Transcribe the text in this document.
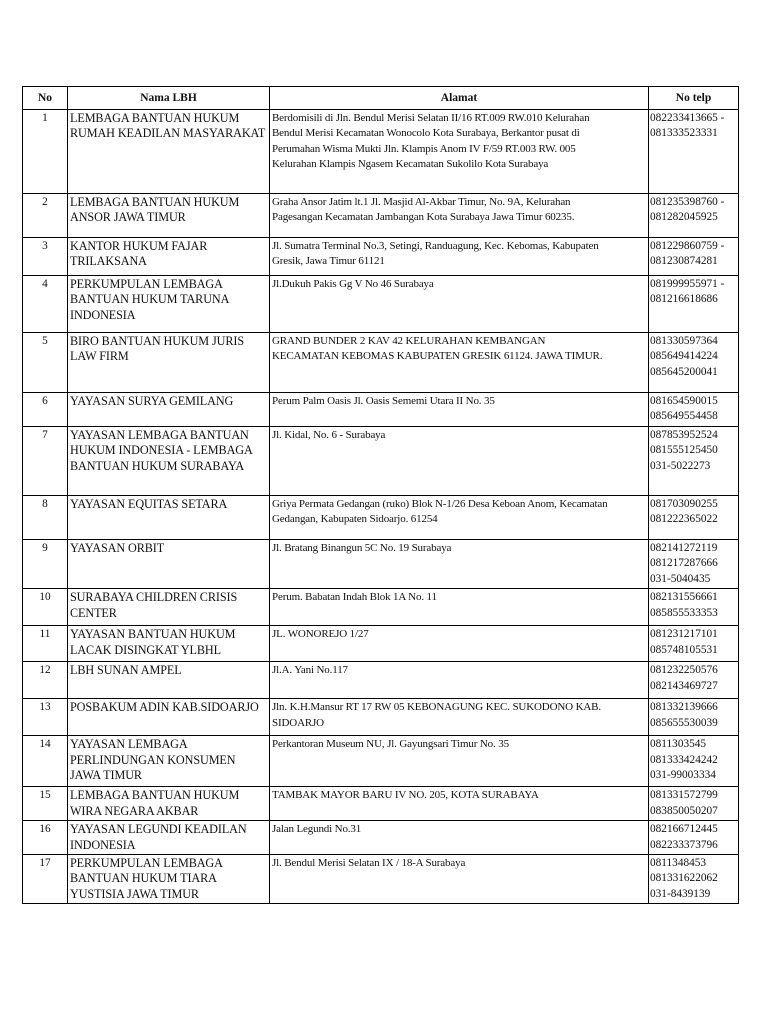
No	Nama LBH	Alamat	No telp
1	LEMBAGA BANTUAN HUKUM
RUMAH KEADILAN MASYARAKAT	Berdomisili di Jln. Bendul Merisi Selatan II/16 RT.009 RW.010 Kelurahan
Bendul Merisi Kecamatan Wonocolo Kota Surabaya, Berkantor pusat di
Perumahan Wisma Mukti Jln. Klampis Anom IV F/59 RT.003 RW. 005
Kelurahan Klampis Ngasem Kecamatan Sukolilo Kota Surabaya	082233413665 -
081333523331

2	LEMBAGA BANTUAN HUKUM
ANSOR JAWA TIMUR	Graha Ansor Jatim lt.1 Jl. Masjid Al-Akbar Timur, No. 9A, Kelurahan
Pagesangan Kecamatan Jambangan Kota Surabaya Jawa Timur 60235.	081235398760 -
081282045925

3	KANTOR HUKUM FAJAR
TRILAKSANA	Jl. Sumatra Terminal No.3, Setingi, Randuagung, Kec. Kebomas, Kabupaten
Gresik, Jawa Timur 61121	081229860759 -
081230874281

4	PERKUMPULAN LEMBAGA
BANTUAN HUKUM TARUNA
INDONESIA	Jl.Dukuh Pakis Gg V No 46 Surabaya	081999955971 -
081216618686

5	BIRO BANTUAN HUKUM JURIS
LAW FIRM	GRAND BUNDER 2 KAV 42 KELURAHAN KEMBANGAN
KECAMATAN KEBOMAS KABUPATEN GRESIK 61124. JAWA TIMUR.	081330597364
085649414224
085645200041

6	YAYASAN SURYA GEMILANG	Perum Palm Oasis Jl. Oasis Sememi Utara II No. 35	081654590015
085649554458

7	YAYASAN LEMBAGA BANTUAN
HUKUM INDONESIA - LEMBAGA
BANTUAN HUKUM SURABAYA	Jl. Kidal, No. 6 - Surabaya	087853952524
081555125450
031-5022273

8	YAYASAN EQUITAS SETARA	Griya Permata Gedangan (ruko) Blok N-1/26 Desa Keboan Anom, Kecamatan
Gedangan, Kabupaten Sidoarjo. 61254	081703090255
081222365022

9	YAYASAN ORBIT	Jl. Bratang Binangun 5C No. 19 Surabaya	082141272119
081217287666
031-5040435

10	SURABAYA CHILDREN CRISIS
CENTER	Perum. Babatan Indah Blok 1A No. 11	082131556661
085855533353

11	YAYASAN BANTUAN HUKUM
LACAK DISINGKAT YLBHL	JL. WONOREJO 1/27	081231217101
085748105531

12	LBH SUNAN AMPEL	Jl.A. Yani No.117	081232250576
082143469727

13	POSBAKUM ADIN KAB.SIDOARJO	Jln. K.H.Mansur RT 17 RW 05 KEBONAGUNG KEC. SUKODONO KAB.
SIDOARJO	081332139666
085655530039

14	YAYASAN LEMBAGA
PERLINDUNGAN KONSUMEN
JAWA TIMUR	Perkantoran Museum NU, Jl. Gayungsari Timur No. 35	0811303545
081333424242
031-99003334

15	LEMBAGA BANTUAN HUKUM
WIRA NEGARA AKBAR	TAMBAK MAYOR BARU IV NO. 205, KOTA SURABAYA	081331572799
083850050207

16	YAYASAN LEGUNDI KEADILAN
INDONESIA	Jalan Legundi No.31	082166712445
082233373796

17	PERKUMPULAN LEMBAGA
BANTUAN HUKUM TIARA
YUSTISIA JAWA TIMUR	Jl. Bendul Merisi Selatan IX / 18-A Surabaya	0811348453
081331622062
031-8439139
